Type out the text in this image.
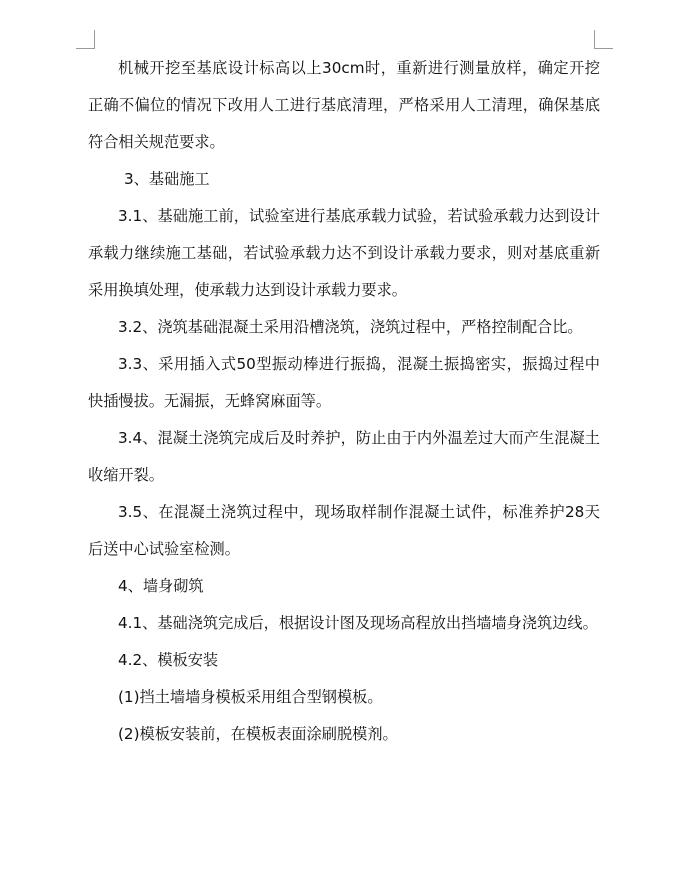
机械开挖至基底设计标高以上30cm时，重新进行测量放样，确定开挖正确不偏位的情况下改用人工进行基底清理，严格采用人工清理，确保基底符合相关规范要求。

3、基础施工

3.1、基础施工前，试验室进行基底承载力试验，若试验承载力达到设计承载力继续施工基础，若试验承载力达不到设计承载力要求，则对基底重新采用换填处理，使承载力达到设计承载力要求。

3.2、浇筑基础混凝土采用沿槽浇筑，浇筑过程中，严格控制配合比。

3.3、采用插入式50型振动棒进行振捣，混凝土振捣密实，振捣过程中快插慢拔。无漏振，无蜂窝麻面等。

3.4、混凝土浇筑完成后及时养护，防止由于内外温差过大而产生混凝土收缩开裂。

3.5、在混凝土浇筑过程中，现场取样制作混凝土试件，标准养护28天后送中心试验室检测。

4、墙身砌筑

4.1、基础浇筑完成后，根据设计图及现场高程放出挡墙墙身浇筑边线。

4.2、模板安装

(1)挡土墙墙身模板采用组合型钢模板。

(2)模板安装前，在模板表面涂刷脱模剂。
